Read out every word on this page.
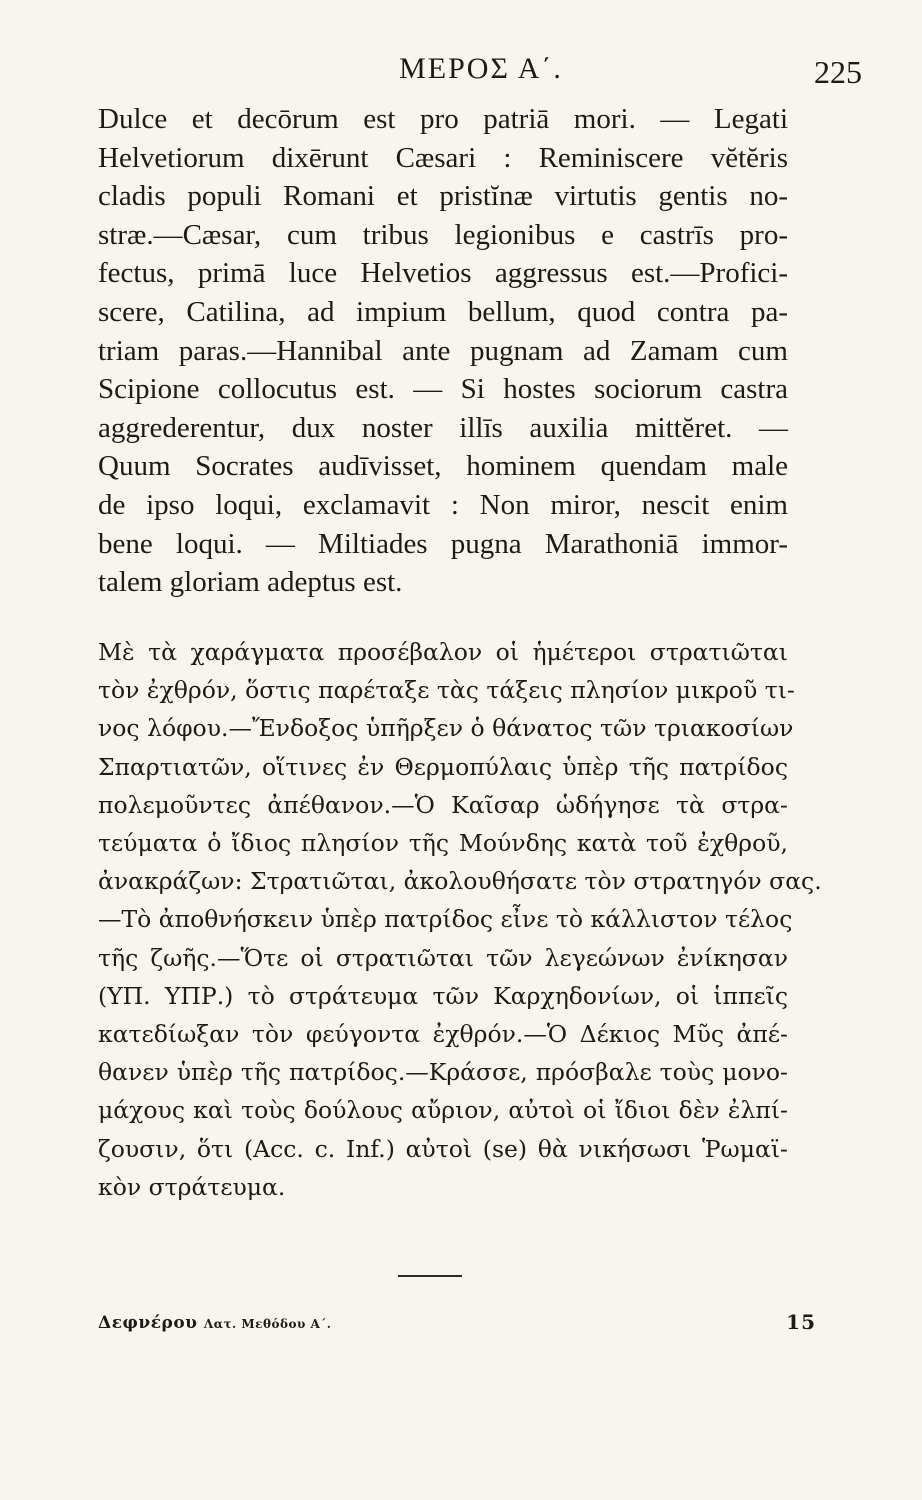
ΜΕΡΟΣ Α΄.	225
Dulce et decōrum est pro patriā mori. — Legati
Helvetiorum dixērunt Cæsari : Reminiscere vĕtĕris
cladis populi Romani et pristĭnæ virtutis gentis no-
stræ.—Cæsar, cum tribus legionibus e castrīs pro-
fectus, primā luce Helvetios aggressus est.—Profici-
scere, Catilina, ad impium bellum, quod contra pa-
triam paras.—Hannibal ante pugnam ad Zamam cum
Scipione collocutus est. — Si hostes sociorum castra
aggrederentur, dux noster illīs auxilia mittĕret. —
Quum Socrates audīvisset, hominem quendam male
de ipso loqui, exclamavit : Non miror, nescit enim
bene loqui. — Miltiades pugna Marathoniā immor-
talem gloriam adeptus est.
Μὲ τὰ χαράγματα προσέβαλον οἱ ἡμέτεροι στρατιῶται
τὸν ἐχθρόν, ὅστις παρέταξε τὰς τάξεις πλησίον μικροῦ τι-
νος λόφου.—Ἔνδοξος ὑπῆρξεν ὁ θάνατος τῶν τριακοσίων
Σπαρτιατῶν, οἵτινες ἐν Θερμοπύλαις ὑπὲρ τῆς πατρίδος
πολεμοῦντες ἀπέθανον.—Ὁ Καῖσαρ ὡδήγησε τὰ στρα-
τεύματα ὁ ἴδιος πλησίον τῆς Μούνδης κατὰ τοῦ ἐχθροῦ,
ἀνακράζων: Στρατιῶται, ἀκολουθήσατε τὸν στρατηγόν σας.
—Τὸ ἀποθνήσκειν ὑπὲρ πατρίδος εἶνε τὸ κάλλιστον τέλος
τῆς ζωῆς.—Ὅτε οἱ στρατιῶται τῶν λεγεώνων ἐνίκησαν
(ΥΠ. ΥΠΡ.) τὸ στράτευμα τῶν Καρχηδονίων, οἱ ἱππεῖς
κατεδίωξαν τὸν φεύγοντα ἐχθρόν.—Ὁ Δέκιος Μῦς ἀπέ-
θανεν ὑπὲρ τῆς πατρίδος.—Κράσσε, πρόσβαλε τοὺς μονο-
μάχους καὶ τοὺς δούλους αὔριον, αὐτοὶ οἱ ἴδιοι δὲν ἐλπί-
ζουσιν, ὅτι (Acc. c. Inf.) αὐτοὶ (se) θὰ νικήσωσι Ῥωμαϊ-
κὸν στράτευμα.
Δεφνέρου Λατ. Μεθόδου Α΄.	15
